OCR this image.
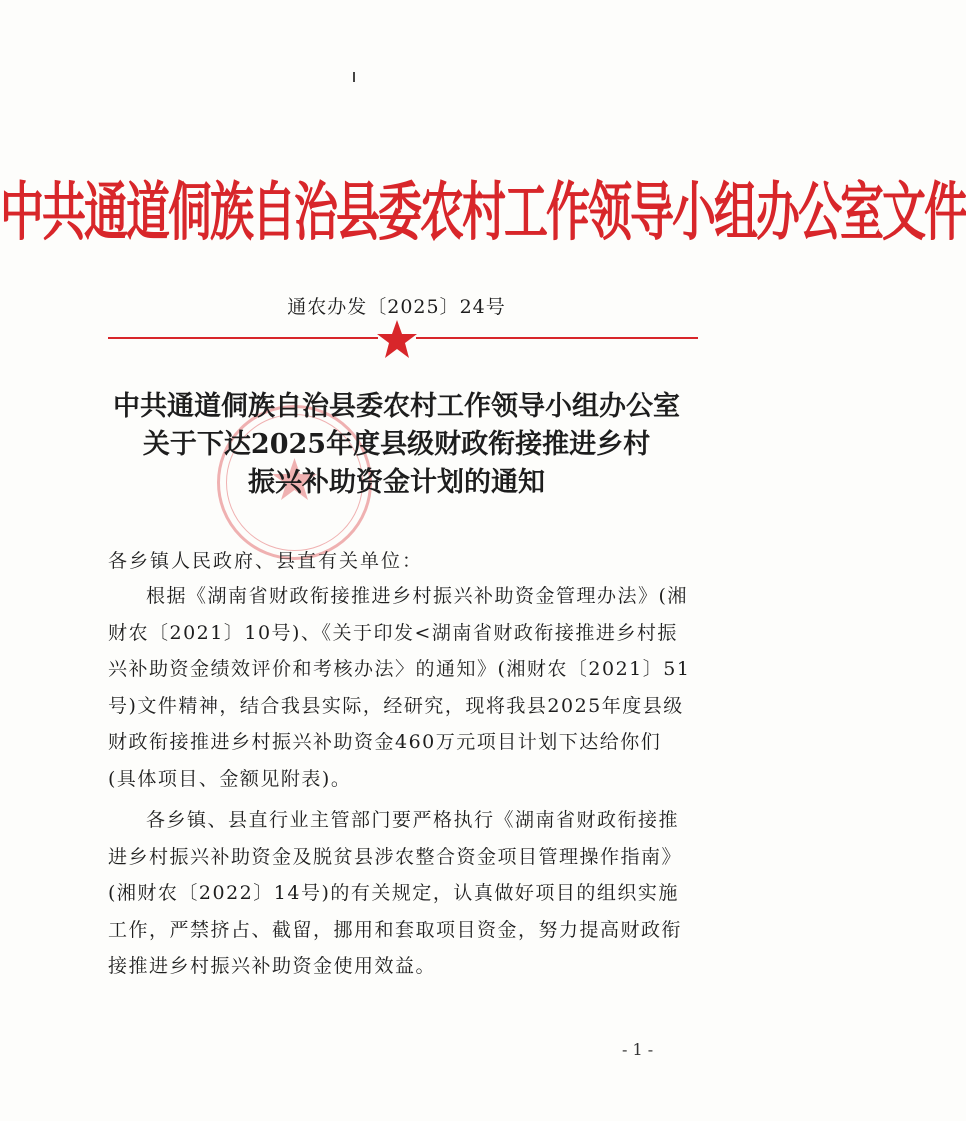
中共通道侗族自治县委农村工作领导小组办公室文件
通农办发〔2025〕24号
中共通道侗族自治县委农村工作领导小组办公室
关于下达2025年度县级财政衔接推进乡村
振兴补助资金计划的通知
各乡镇人民政府、县直有关单位：
根据《湖南省财政衔接推进乡村振兴补助资金管理办法》(湘
财农〔2021〕10号)、《关于印发<湖南省财政衔接推进乡村振
兴补助资金绩效评价和考核办法〉的通知》(湘财农〔2021〕51
号)文件精神，结合我县实际，经研究，现将我县2025年度县级
财政衔接推进乡村振兴补助资金460万元项目计划下达给你们
(具体项目、金额见附表)。
各乡镇、县直行业主管部门要严格执行《湖南省财政衔接推
进乡村振兴补助资金及脱贫县涉农整合资金项目管理操作指南》
(湘财农〔2022〕14号)的有关规定，认真做好项目的组织实施
工作，严禁挤占、截留，挪用和套取项目资金，努力提高财政衔
接推进乡村振兴补助资金使用效益。
- 1 -
